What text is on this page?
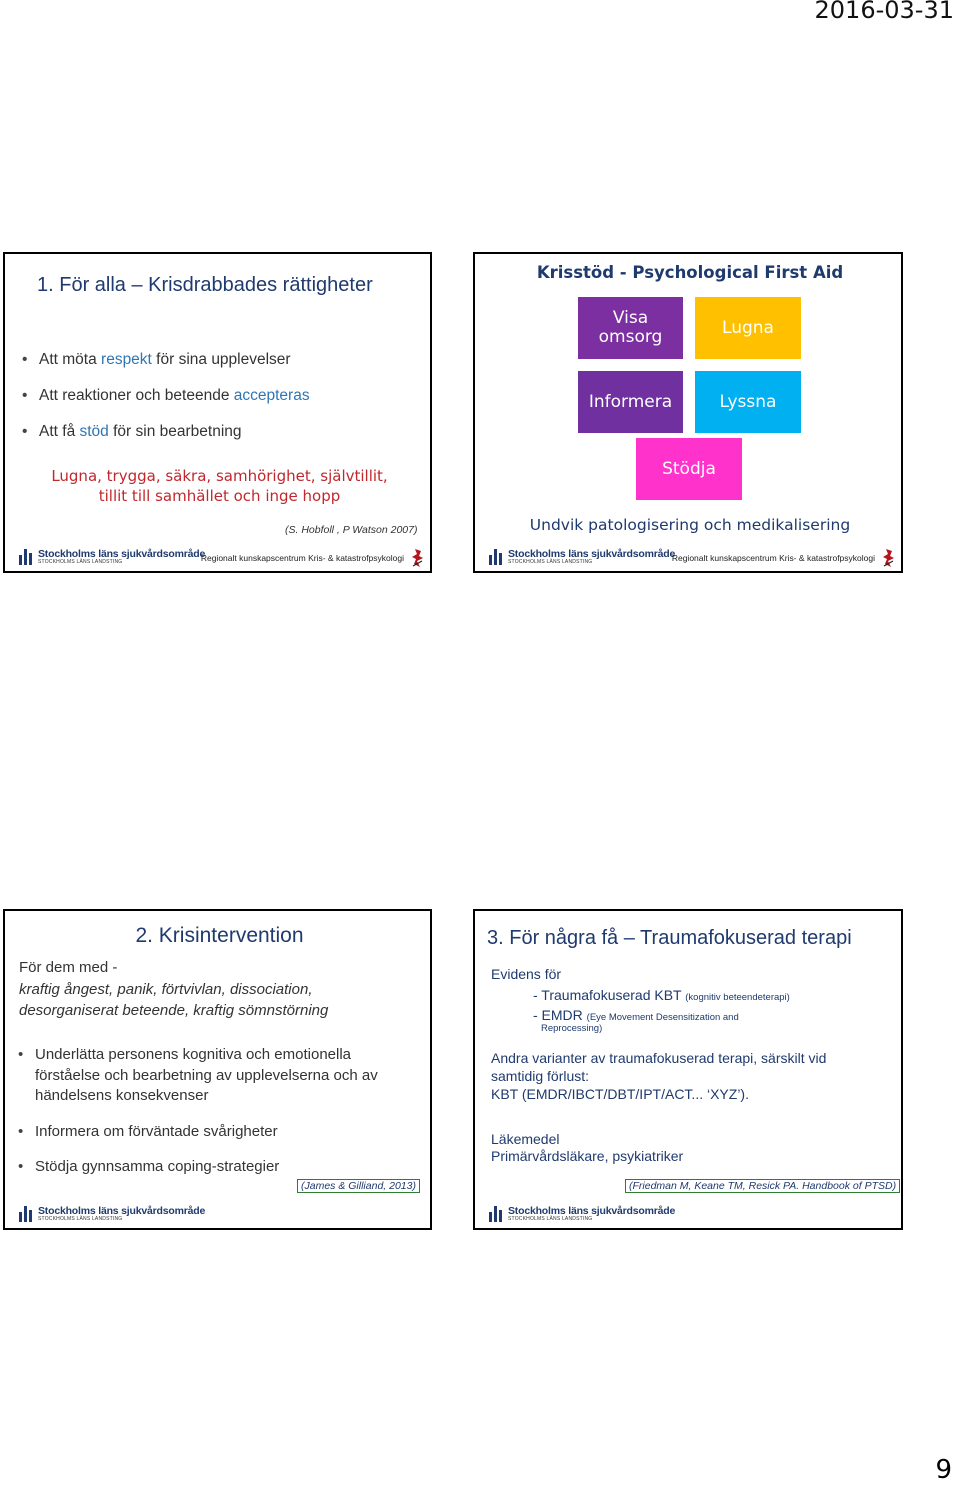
2016-03-31
1. För alla – Krisdrabbades rättigheter
• Att möta respekt för sina upplevelser
• Att reaktioner och beteende accepteras
• Att få stöd för sin bearbetning
Lugna, trygga, säkra, samhörighet, självtillit,
tillit till samhället och inge hopp
(S. Hobfoll , P Watson 2007)
Stockholms läns sjukvårdsområde
STOCKHOLMS LÄNS LANDSTING	Regionalt kunskapscentrum Kris- & katastrofpsykologi
Krisstöd - Psychological First Aid
Visa omsorg	Lugna
Informera	Lyssna
Stödja
Undvik patologisering och medikalisering
Stockholms läns sjukvårdsområde
STOCKHOLMS LÄNS LANDSTING	Regionalt kunskapscentrum Kris- & katastrofpsykologi
2. Krisintervention
För dem med -
kraftig ångest, panik, förtvivlan, dissociation,
desorganiserat beteende, kraftig sömnstörning
• Underlätta personens kognitiva och emotionella förståelse och bearbetning av upplevelserna och av händelsens konsekvenser
• Informera om förväntade svårigheter
• Stödja gynnsamma coping-strategier
(James & Gilliand, 2013)
Stockholms läns sjukvårdsområde
STOCKHOLMS LÄNS LANDSTING
3. För några få – Traumafokuserad terapi
Evidens för
- Traumafokuserad KBT (kognitiv beteendeterapi)
- EMDR (Eye Movement Desensitization and
Reprocessing)
Andra varianter av traumafokuserad terapi, särskilt vid
samtidig förlust:
KBT (EMDR/IBCT/DBT/IPT/ACT... ‘XYZ’).
Läkemedel
Primärvårdsläkare, psykiatriker
(Friedman M, Keane TM, Resick PA. Handbook of PTSD)
Stockholms läns sjukvårdsområde
STOCKHOLMS LÄNS LANDSTING
9
